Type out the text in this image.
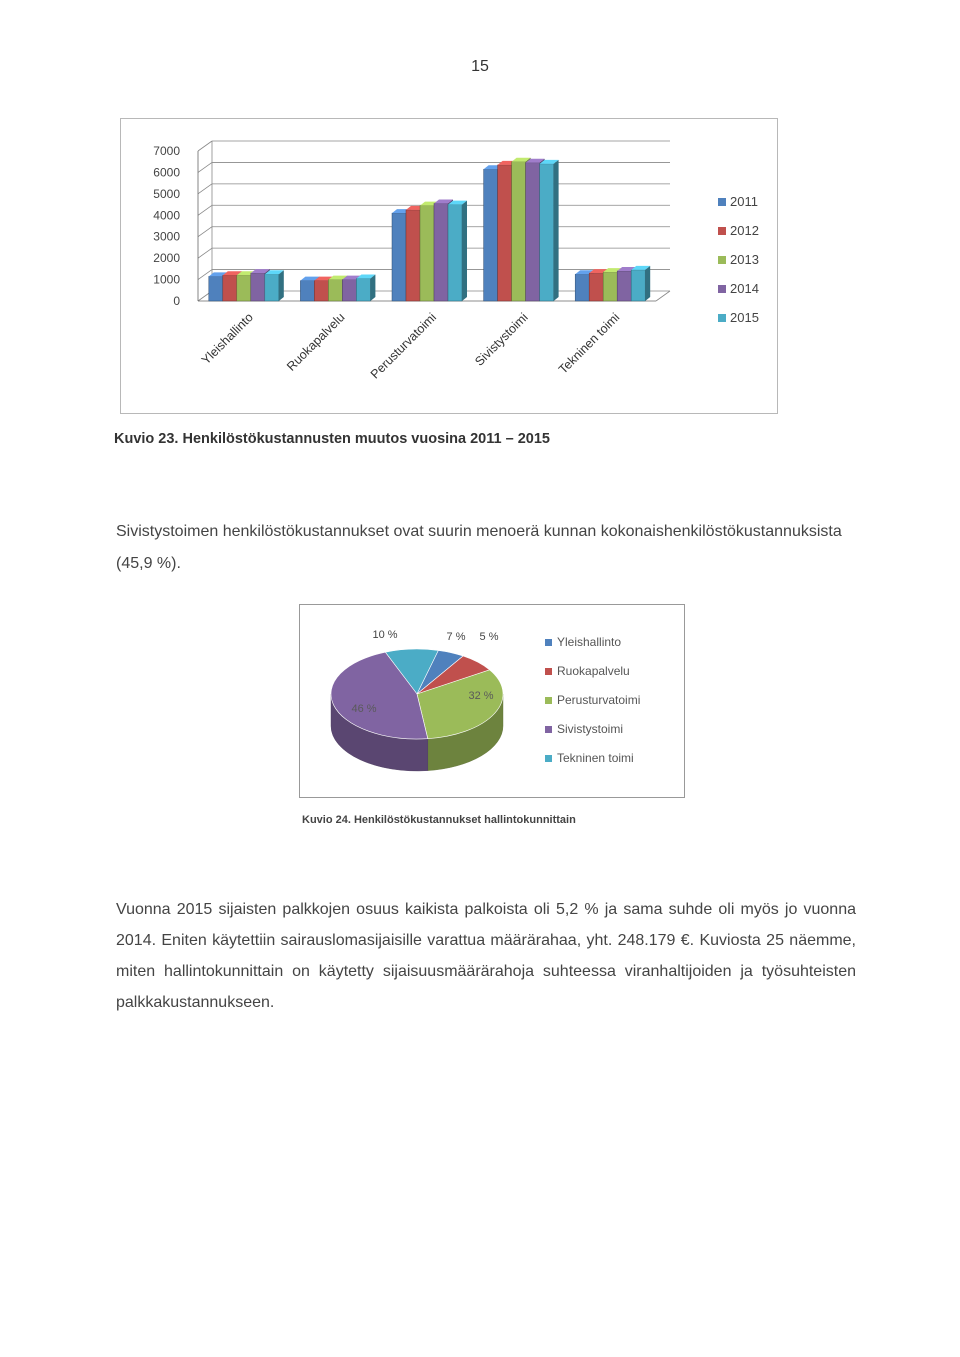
15
0
1000
2000
3000
4000
5000
6000
7000
Yleishallinto Ruokapalvelu Perusturvatoimi	Sivistystoimi Tekninen toimi
2011
2012
2013
2014
2015
Kuvio 23. Henkilöstökustannusten muutos vuosina 2011 – 2015

Sivistystoimen henkilöstökustannukset ovat suurin menoerä kunnan kokonaishenkilöstökustannuksista (45,9 %).

5 %
7 %
32 %
46 %
10 %	Yleishallinto
Ruokapalvelu
Perusturvatoimi
Sivistystoimi
Tekninen toimi
Kuvio 24. Henkilöstökustannukset hallintokunnittain

Vuonna 2015 sijaisten palkkojen osuus kaikista palkoista oli 5,2 % ja sama suhde oli myös jo vuonna 2014. Eniten käytettiin sairauslomasijaisille varattua määrärahaa, yht. 248.179 €. Kuviosta 25 näemme, miten hallintokunnittain on käytetty sijaisuusmäärärahoja suhteessa viranhaltijoiden ja työsuhteisten palkkakustannukseen.
